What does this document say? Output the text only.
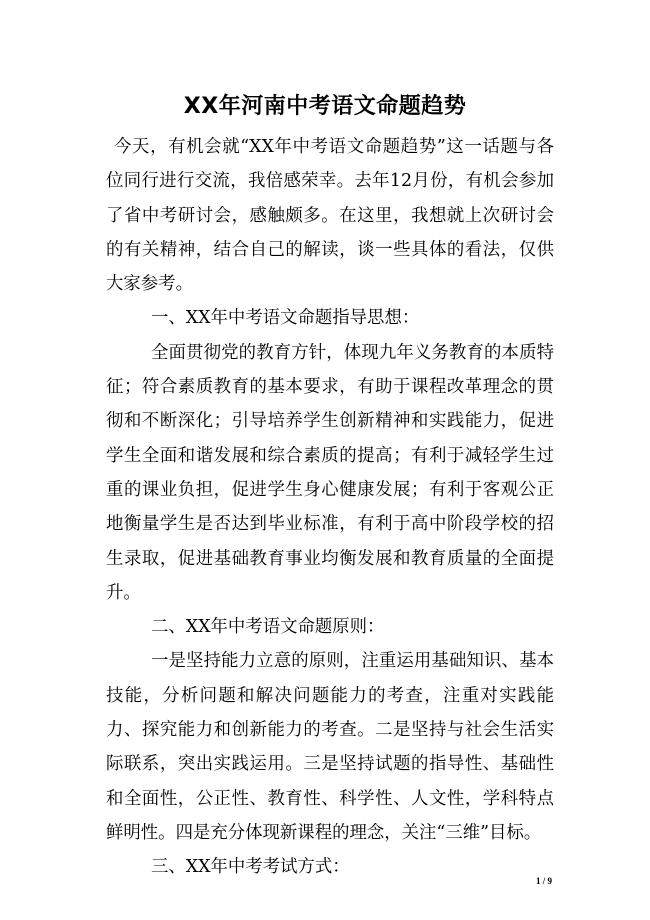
XX年河南中考语文命题趋势

今天，有机会就“XX年中考语文命题趋势”这一话题与各位同行进行交流，我倍感荣幸。去年12月份，有机会参加了省中考研讨会，感触颇多。在这里，我想就上次研讨会的有关精神，结合自己的解读，谈一些具体的看法，仅供大家参考。

一、XX年中考语文命题指导思想：

全面贯彻党的教育方针，体现九年义务教育的本质特征；符合素质教育的基本要求，有助于课程改革理念的贯彻和不断深化；引导培养学生创新精神和实践能力，促进学生全面和谐发展和综合素质的提高；有利于减轻学生过重的课业负担，促进学生身心健康发展；有利于客观公正地衡量学生是否达到毕业标准，有利于高中阶段学校的招生录取，促进基础教育事业均衡发展和教育质量的全面提升。

二、XX年中考语文命题原则：

一是坚持能力立意的原则，注重运用基础知识、基本技能，分析问题和解决问题能力的考查，注重对实践能力、探究能力和创新能力的考查。二是坚持与社会生活实际联系，突出实践运用。三是坚持试题的指导性、基础性和全面性，公正性、教育性、科学性、人文性，学科特点鲜明性。四是充分体现新课程的理念，关注“三维”目标。

三、XX年中考考试方式：

1 / 9
